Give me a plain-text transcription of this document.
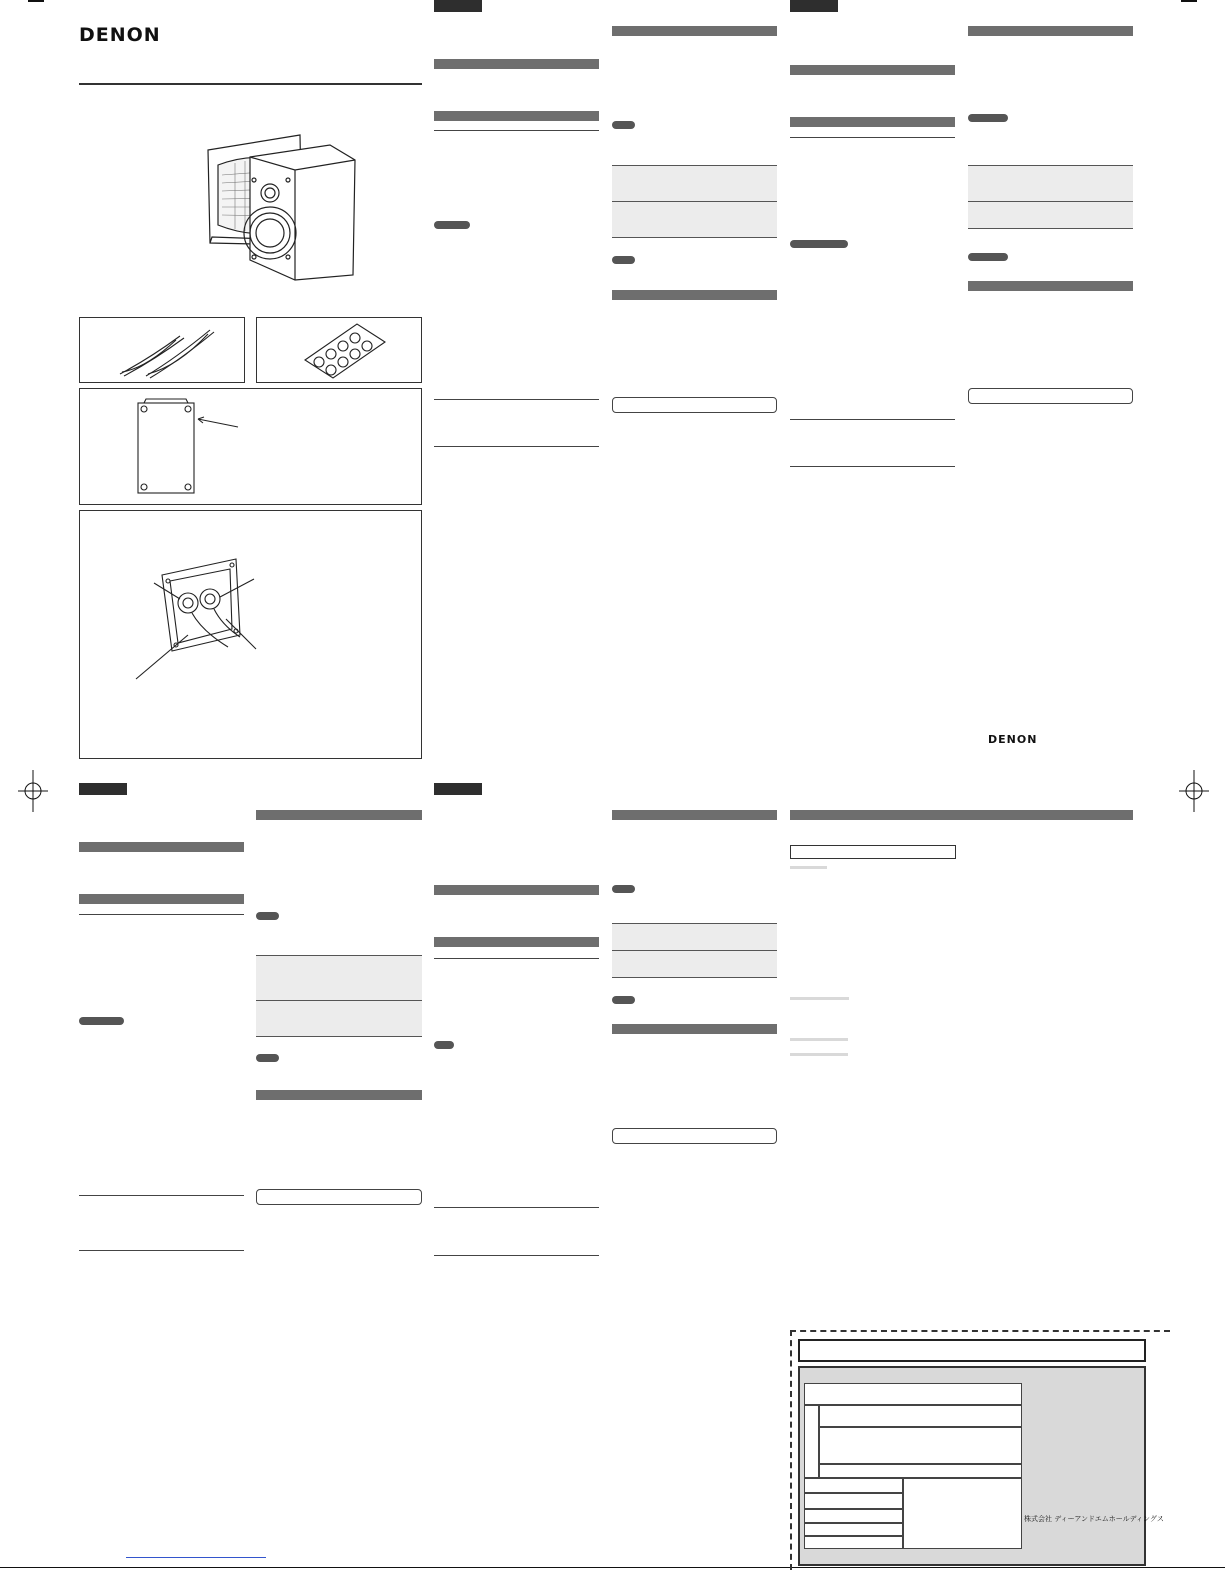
DENON
DENON
株式会社 ディーアンドエムホールディングス
